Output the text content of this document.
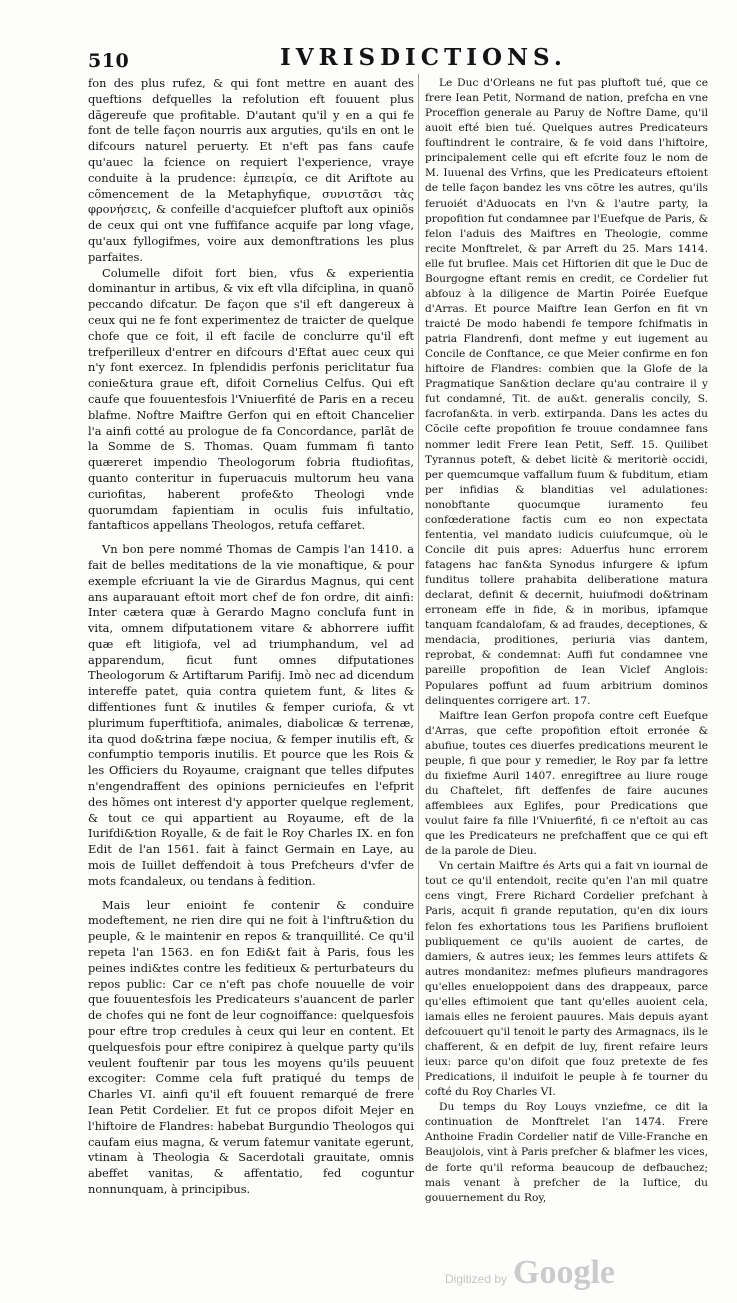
510	IVRISDICTIONS.

fon des plus rufez, & qui font mettre en auant des queftions defquelles la refolution eft fouuent plus dãgereufe que profitable. D'autant qu'il y en a qui fe font de telle façon nourris aux arguties, qu'ils en ont le difcours naturel peruerty. Et n'eft pas fans caufe qu'auec la fcience on requiert l'experience, vraye conduite à la prudence: ἐμπειρία, ce dit Ariftote au cõmencement de la Metaphyfique, συνιστᾶσι τὰς φρονήσεις, & confeille d'acquiefcer pluftoft aux opiniõs de ceux qui ont vne fuffifance acquife par long vfage, qu'aux fyllogifmes, voire aux demonftrations les plus parfaites.

Columelle difoit fort bien, vfus & experientia dominantur in artibus, & vix eft vlla difciplina, in quanõ peccando difcatur. De façon que s'il eft dangereux à ceux qui ne fe font experimentez de traicter de quelque chofe que ce foit, il eft facile de conclurre qu'il eft trefperilleux d'entrer en difcours d'Eftat auec ceux qui n'y font exercez. In fplendidis perfonis periclitatur fua conie&tura graue eft, difoit Cornelius Celfus. Qui eft caufe que fouuentesfois l'Vniuerfité de Paris en a receu blafme. Noftre Maiftre Gerfon qui en eftoit Chancelier l'a ainfi cotté au prologue de fa Concordance, parlãt de la Somme de S. Thomas. Quam fummam fi tanto quæreret impendio Theologorum fobria ftudiofitas, quanto conteritur in fuperuacuis multorum heu vana curiofitas, haberent profe&to Theologi vnde quorumdam fapientiam in oculis fuis infultatio, fantafticos appellans Theologos, retufa ceffaret.

Vn bon pere nommé Thomas de Campis l'an 1410. a fait de belles meditations de la vie monaftique, & pour exemple efcriuant la vie de Girardus Magnus, qui cent ans auparauant eftoit mort chef de fon ordre, dit ainfi: Inter cætera quæ à Gerardo Magno conclufa funt in vita, omnem difputationem vitare & abhorrere iuffit quæ eft litigiofa, vel ad triumphandum, vel ad apparendum, ficut funt omnes difputationes Theologorum & Artiftarum Parifij. Imò nec ad dicendum intereffe patet, quia contra quietem funt, & lites & diffentiones funt & inutiles & femper curiofa, & vt plurimum fuperftitiofa, animales, diabolicæ & terrenæ, ita quod do&trina fæpe nociua, & femper inutilis eft, & confumptio temporis inutilis. Et pource que les Rois & les Officiers du Royaume, craignant que telles difputes n'engendraffent des opinions pernicieufes en l'efprit des hõmes ont interest d'y apporter quelque reglement, & tout ce qui appartient au Royaume, eft de la Iurifdi&tion Royalle, & de fait le Roy Charles IX. en fon Edit de l'an 1561. fait à fainct Germain en Laye, au mois de Iuillet deffendoit à tous Prefcheurs d'vfer de mots fcandaleux, ou tendans à fedition.

Mais leur enioint fe contenir & conduire modeftement, ne rien dire qui ne foit à l'inftru&tion du peuple, & le maintenir en repos & tranquillité. Ce qu'il repeta l'an 1563. en fon Edi&t fait à Paris, fous les peines indi&tes contre les feditieux & perturbateurs du repos public: Car ce n'eft pas chofe nouuelle de voir que fouuentesfois les Predicateurs s'auancent de parler de chofes qui ne font de leur cognoiffance: quelquesfois pour eftre trop credules à ceux qui leur en content. Et quelquesfois pour eftre conipirez à quelque party qu'ils veulent fouftenir par tous les moyens qu'ils peuuent excogiter: Comme cela fuft pratiqué du temps de Charles VI. ainfi qu'il eft fouuent remarqué de frere Iean Petit Cordelier. Et fut ce propos difoit Mejer en l'hiftoire de Flandres: habebat Burgundio Theologos qui caufam eius magna, & verum fatemur vanitate egerunt, vtinam à Theologia & Sacerdotali grauitate, omnis abeffet vanitas, & affentatio, fed coguntur nonnunquam, à principibus.

Le Duc d'Orleans ne fut pas pluftoft tué, que ce frere Iean Petit, Normand de nation, prefcha en vne Proceffion generale au Paruy de Noftre Dame, qu'il auoit efté bien tué. Quelques autres Predicateurs fouftindrent le contraire, & fe void dans l'hiftoire, principalement celle qui eft efcrite fouz le nom de M. Iuuenal des Vrfins, que les Predicateurs eftoient de telle façon bandez les vns cõtre les autres, qu'ils feruoiét d'Aduocats en l'vn & l'autre party, la propofition fut condamnee par l'Euefque de Paris, & felon l'aduis des Maiftres en Theologie, comme recite Monftrelet, & par Arreft du 25. Mars 1414. elle fut bruflee. Mais cet Hiftorien dit que le Duc de Bourgogne eftant remis en credit, ce Cordelier fut abfouz à la diligence de Martin Poirée Euefque d'Arras. Et pource Maiftre Iean Gerfon en fit vn traicté De modo habendi fe tempore fchifmatis in patria Flandrenfi, dont mefme y eut iugement au Concile de Conftance, ce que Meier confirme en fon hiftoire de Flandres: combien que la Glofe de la Pragmatique San&tion declare qu'au contraire il y fut condamné, Tit. de au&t. generalis concily, S. facrofan&ta. in verb. extirpanda. Dans les actes du Cõcile cefte propofition fe trouue condamnee fans nommer ledit Frere Iean Petit, Seff. 15. Quilibet Tyrannus poteft, & debet licitè & meritoriè occidi, per quemcumque vaffallum fuum & fubditum, etiam per infidias & blanditias vel adulationes: nonobftante quocumque iuramento feu confœderatione factis cum eo non expectata fententia, vel mandato iudicis cuiufcumque, où le Concile dit puis apres: Aduerfus hunc errorem fatagens hac fan&ta Synodus infurgere & ipfum funditus tollere prahabita deliberatione matura declarat, definit & decernit, huiufmodi do&trinam erroneam effe in fide, & in moribus, ipfamque tanquam fcandalofam, & ad fraudes, deceptiones, & mendacia, proditiones, periuria vias dantem, reprobat, & condemnat: Auffi fut condamnee vne pareille propofition de Iean Viclef Anglois: Populares poffunt ad fuum arbitrium dominos delinquentes corrigere art. 17.

Maiftre Iean Gerfon propofa contre ceft Euefque d'Arras, que cefte propofition eftoit erronée & abufiue, toutes ces diuerfes predications meurent le peuple, fi que pour y remedier, le Roy par fa lettre du fixiefme Auril 1407. enregiftree au liure rouge du Chaftelet, fift deffenfes de faire aucunes affemblees aux Eglifes, pour Predications que voulut faire fa fille l'Vniuerfité, fi ce n'eftoit au cas que les Predicateurs ne prefchaffent que ce qui eft de la parole de Dieu.

Vn certain Maiftre és Arts qui a fait vn iournal de tout ce qu'il entendoit, recite qu'en l'an mil quatre cens vingt, Frere Richard Cordelier prefchant à Paris, acquit fi grande reputation, qu'en dix iours felon fes exhortations tous les Parifiens brufloient publiquement ce qu'ils auoient de cartes, de damiers, & autres ieux; les femmes leurs attifets & autres mondanitez: mefmes plufieurs mandragores qu'elles enueloppoient dans des drappeaux, parce qu'elles eftimoient que tant qu'elles auoient cela, iamais elles ne feroient pauures. Mais depuis ayant defcouuert qu'il tenoit le party des Armagnacs, ils le chafferent, & en defpit de luy, firent refaire leurs ieux: parce qu'on difoit que fouz pretexte de fes Predications, il induifoit le peuple à fe tourner du cofté du Roy Charles VI.

Du temps du Roy Louys vnziefme, ce dit la continuation de Monftrelet l'an 1474. Frere Anthoine Fradin Cordelier natif de Ville-Franche en Beaujolois, vint à Paris prefcher & blafmer les vices, de forte qu'il reforma beaucoup de defbauchez; mais venant à prefcher de la Iuftice, du gouuernement du Roy,

Digitized by Google
